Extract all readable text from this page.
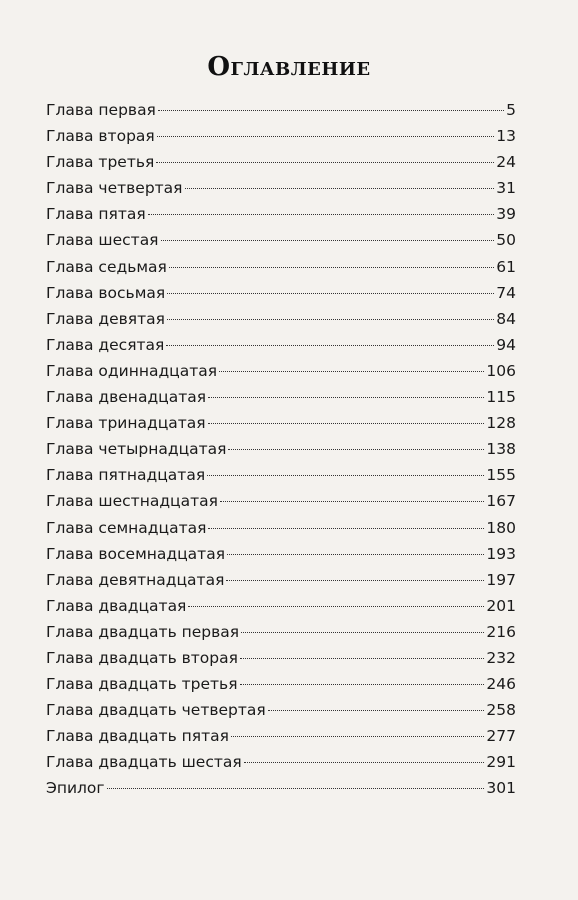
Оглавление
Глава первая	5
Глава вторая	13
Глава третья	24
Глава четвертая	31
Глава пятая	39
Глава шестая	50
Глава седьмая	61
Глава восьмая	74
Глава девятая	84
Глава десятая	94
Глава одиннадцатая	106
Глава двенадцатая	115
Глава тринадцатая	128
Глава четырнадцатая	138
Глава пятнадцатая	155
Глава шестнадцатая	167
Глава семнадцатая	180
Глава восемнадцатая	193
Глава девятнадцатая	197
Глава двадцатая	201
Глава двадцать первая	216
Глава двадцать вторая	232
Глава двадцать третья	246
Глава двадцать четвертая	258
Глава двадцать пятая	277
Глава двадцать шестая	291
Эпилог	301
